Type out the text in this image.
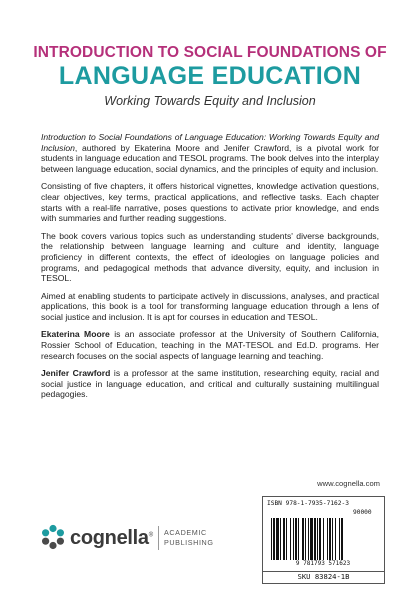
INTRODUCTION TO SOCIAL FOUNDATIONS OF
LANGUAGE EDUCATION
Working Towards Equity and Inclusion

Introduction to Social Foundations of Language Education: Working Towards Equity and Inclusion, authored by Ekaterina Moore and Jenifer Crawford, is a pivotal work for students in language education and TESOL programs. The book delves into the interplay between language education, social dynamics, and the principles of equity and inclusion.

Consisting of five chapters, it offers historical vignettes, knowledge activation questions, clear objectives, key terms, practical applications, and reflective tasks. Each chapter starts with a real-life narrative, poses questions to activate prior knowledge, and ends with summaries and further reading suggestions.

The book covers various topics such as understanding students' diverse backgrounds, the relationship between language learning and culture and identity, language proficiency in different contexts, the effect of ideologies on language policies and programs, and pedagogical methods that advance diversity, equity, and inclusion in TESOL.

Aimed at enabling students to participate actively in discussions, analyses, and practical applications, this book is a tool for transforming language education through a lens of social justice and inclusion. It is apt for courses in education and TESOL.

Ekaterina Moore is an associate professor at the University of Southern California, Rossier School of Education, teaching in the MAT-TESOL and Ed.D. programs. Her research focuses on the social aspects of language learning and teaching.

Jenifer Crawford is a professor at the same institution, researching equity, racial and social justice in language education, and critical and culturally sustaining multilingual pedagogies.

www.cognella.com
cognella® ACADEMIC
PUBLISHING
ISBN 978-1-7935-7162-3
90000
9 781793 571623
SKU 83824-1B
